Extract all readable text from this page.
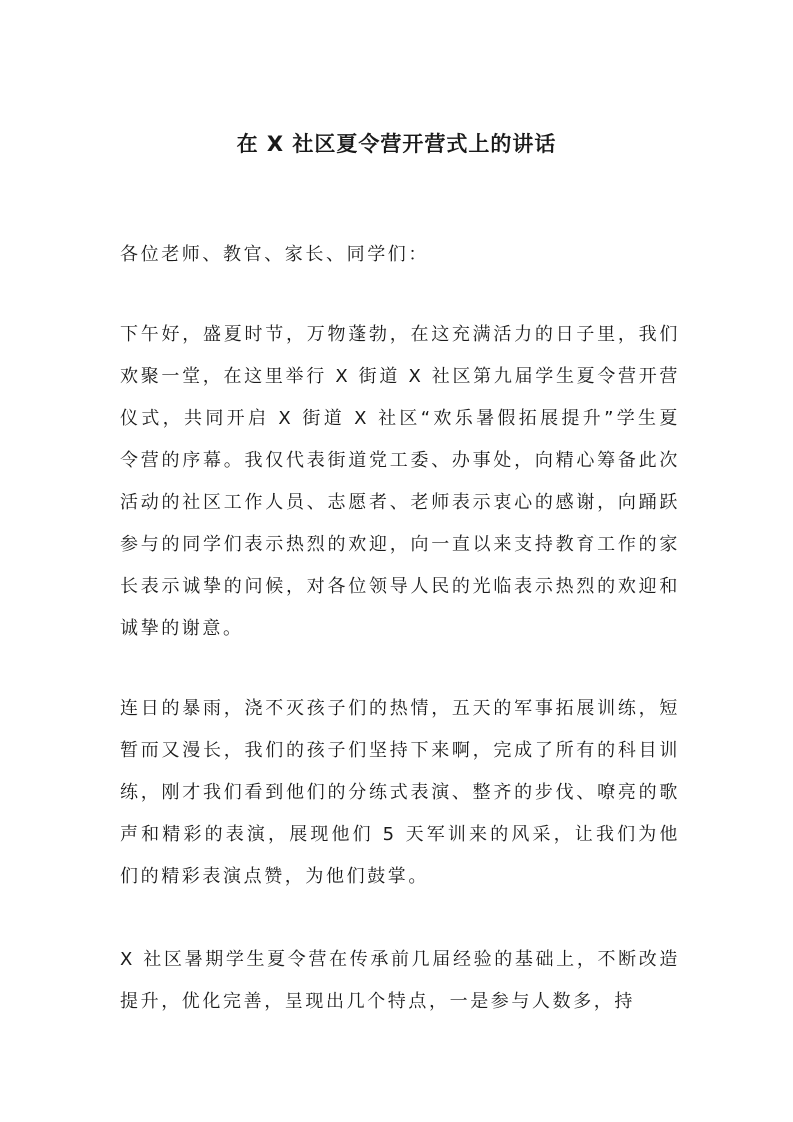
在 X 社区夏令营开营式上的讲话

各位老师、教官、家长、同学们：

下午好，盛夏时节，万物蓬勃，在这充满活力的日子里，我们欢聚一堂，在这里举行 X 街道 X 社区第九届学生夏令营开营仪式，共同开启 X 街道 X 社区“欢乐暑假拓展提升”学生夏令营的序幕。我仅代表街道党工委、办事处，向精心筹备此次活动的社区工作人员、志愿者、老师表示衷心的感谢，向踊跃参与的同学们表示热烈的欢迎，向一直以来支持教育工作的家长表示诚挚的问候，对各位领导人民的光临表示热烈的欢迎和诚挚的谢意。

连日的暴雨，浇不灭孩子们的热情，五天的军事拓展训练，短暂而又漫长，我们的孩子们坚持下来啊，完成了所有的科目训练，刚才我们看到他们的分练式表演、整齐的步伐、嘹亮的歌声和精彩的表演，展现他们 5 天军训来的风采，让我们为他们的精彩表演点赞，为他们鼓掌。

X 社区暑期学生夏令营在传承前几届经验的基础上，不断改造提升，优化完善，呈现出几个特点，一是参与人数多，持
